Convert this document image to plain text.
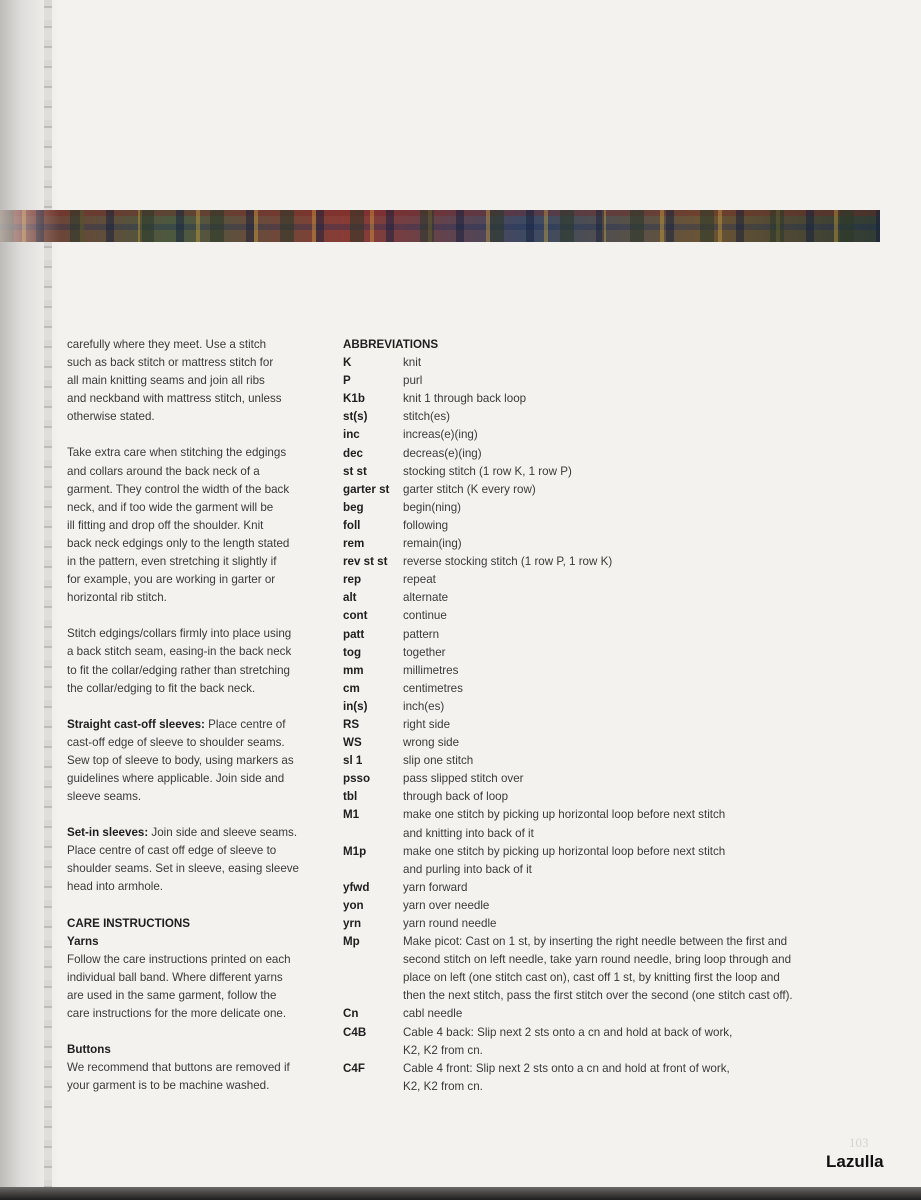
carefully where they meet. Use a stitch
such as back stitch or mattress stitch for
all main knitting seams and join all ribs
and neckband with mattress stitch, unless
otherwise stated.

Take extra care when stitching the edgings
and collars around the back neck of a
garment. They control the width of the back
neck, and if too wide the garment will be
ill fitting and drop off the shoulder. Knit
back neck edgings only to the length stated
in the pattern, even stretching it slightly if
for example, you are working in garter or
horizontal rib stitch.

Stitch edgings/collars firmly into place using
a back stitch seam, easing-in the back neck
to fit the collar/edging rather than stretching
the collar/edging to fit the back neck.

Straight cast-off sleeves: Place centre of
cast-off edge of sleeve to shoulder seams.
Sew top of sleeve to body, using markers as
guidelines where applicable. Join side and
sleeve seams.

Set-in sleeves: Join side and sleeve seams.
Place centre of cast off edge of sleeve to
shoulder seams. Set in sleeve, easing sleeve
head into armhole.

CARE INSTRUCTIONS
Yarns

Follow the care instructions printed on each
individual ball band. Where different yarns
are used in the same garment, follow the
care instructions for the more delicate one.

Buttons

We recommend that buttons are removed if
your garment is to be machine washed.

ABBREVIATIONS
K	knit
P	purl
K1b	knit 1 through back loop
st(s)	stitch(es)
inc	increas(e)(ing)
dec	decreas(e)(ing)
st st	stocking stitch (1 row K, 1 row P)
garter st	garter stitch (K every row)
beg	begin(ning)
foll	following
rem	remain(ing)
rev st st	reverse stocking stitch (1 row P, 1 row K)
rep	repeat
alt	alternate
cont	continue
patt	pattern
tog	together
mm	millimetres
cm	centimetres
in(s)	inch(es)
RS	right side
WS	wrong side
sl 1	slip one stitch
psso	pass slipped stitch over
tbl	through back of loop
M1	make one stitch by picking up horizontal loop before next stitch
and knitting into back of it
M1p	make one stitch by picking up horizontal loop before next stitch
and purling into back of it
yfwd	yarn forward
yon	yarn over needle
yrn	yarn round needle
Mp	Make picot: Cast on 1 st, by inserting the right needle between the first and
second stitch on left needle, take yarn round needle, bring loop through and
place on left (one stitch cast on), cast off 1 st, by knitting first the loop and
then the next stitch, pass the first stitch over the second (one stitch cast off).
Cn	cabl needle
C4B	Cable 4 back: Slip next 2 sts onto a cn and hold at back of work,
K2, K2 from cn.
C4F	Cable 4 front: Slip next 2 sts onto a cn and hold at front of work,
K2, K2 from cn.
103
Lazulla
